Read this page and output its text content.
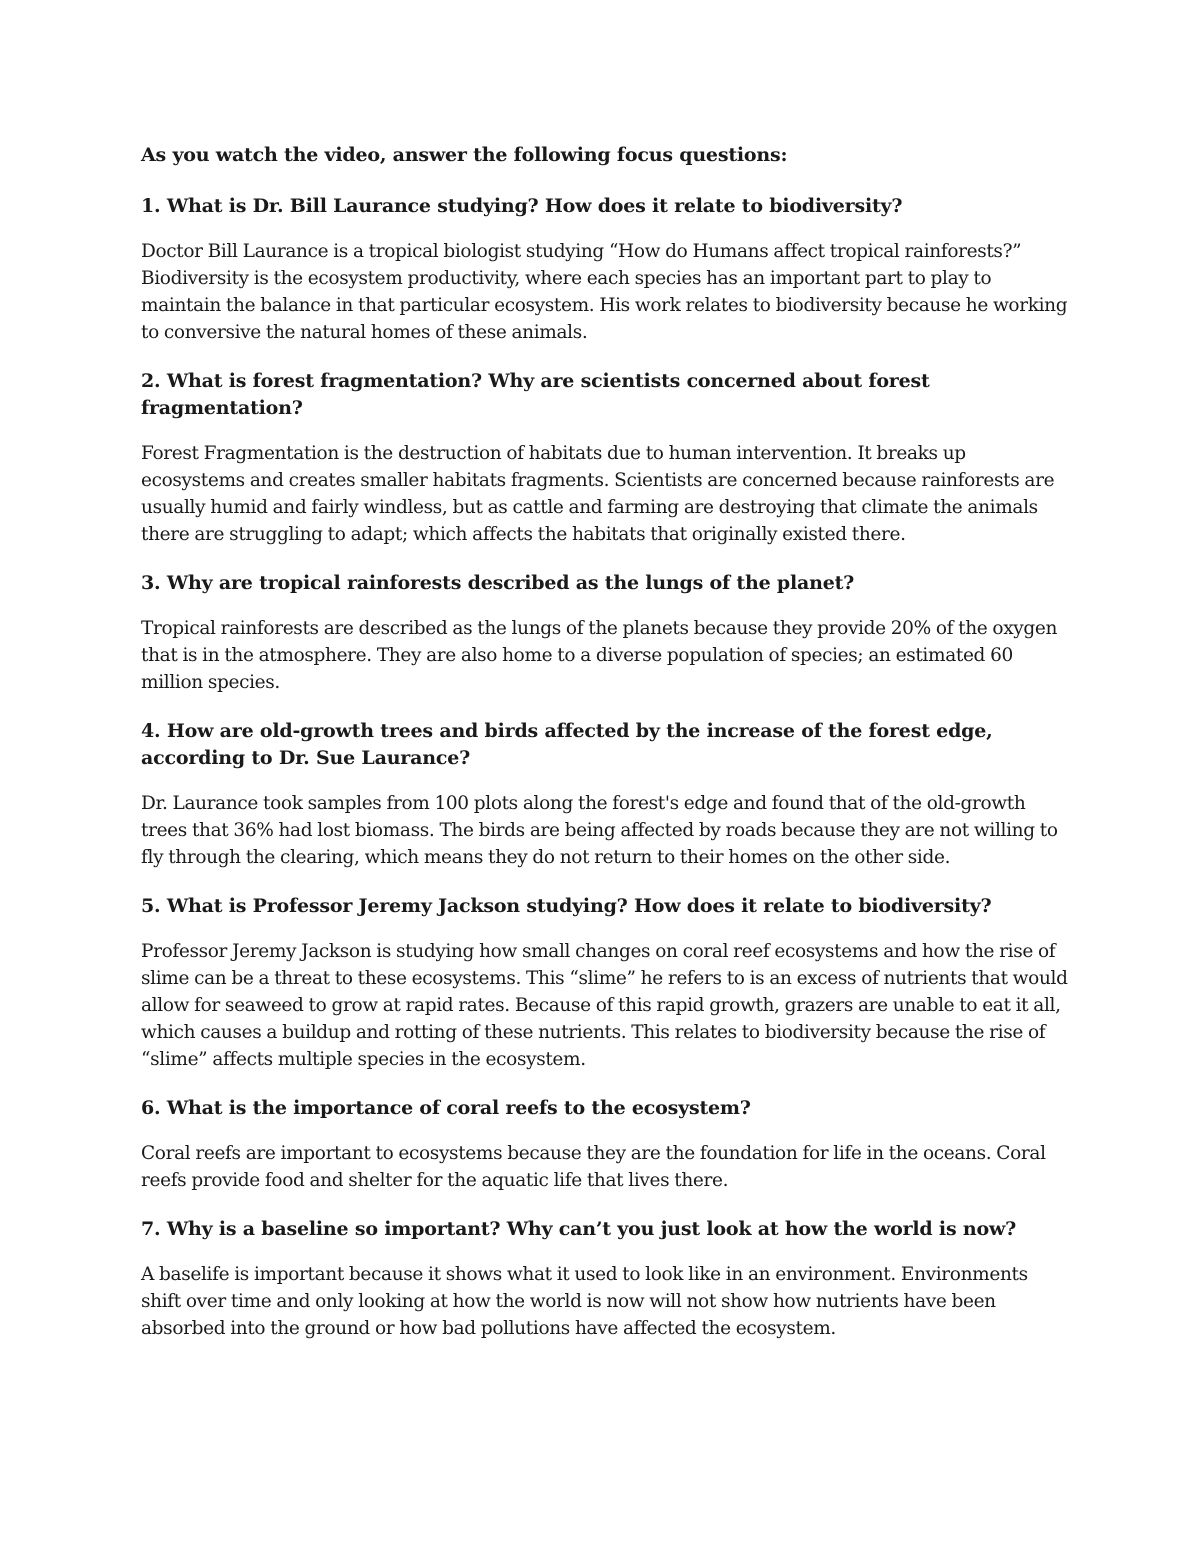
As you watch the video, answer the following focus questions:

1. What is Dr. Bill Laurance studying? How does it relate to biodiversity?

Doctor Bill Laurance is a tropical biologist studying “How do Humans affect tropical rainforests?” Biodiversity is the ecosystem productivity, where each species has an important part to play to maintain the balance in that particular ecosystem. His work relates to biodiversity because he working to conversive the natural homes of these animals.

2. What is forest fragmentation? Why are scientists concerned about forest fragmentation?

Forest Fragmentation is the destruction of habitats due to human intervention. It breaks up ecosystems and creates smaller habitats fragments. Scientists are concerned because rainforests are usually humid and fairly windless, but as cattle and farming are destroying that climate the animals there are struggling to adapt; which affects the habitats that originally existed there.

3. Why are tropical rainforests described as the lungs of the planet?

Tropical rainforests are described as the lungs of the planets because they provide 20% of the oxygen that is in the atmosphere. They are also home to a diverse population of species; an estimated 60 million species.

4. How are old-growth trees and birds affected by the increase of the forest edge, according to Dr. Sue Laurance?

Dr. Laurance took samples from 100 plots along the forest's edge and found that of the old-growth trees that 36% had lost biomass. The birds are being affected by roads because they are not willing to fly through the clearing, which means they do not return to their homes on the other side.

5. What is Professor Jeremy Jackson studying? How does it relate to biodiversity?

Professor Jeremy Jackson is studying how small changes on coral reef ecosystems and how the rise of slime can be a threat to these ecosystems. This “slime” he refers to is an excess of nutrients that would allow for seaweed to grow at rapid rates. Because of this rapid growth, grazers are unable to eat it all, which causes a buildup and rotting of these nutrients. This relates to biodiversity because the rise of “slime” affects multiple species in the ecosystem.

6. What is the importance of coral reefs to the ecosystem?

Coral reefs are important to ecosystems because they are the foundation for life in the oceans. Coral reefs provide food and shelter for the aquatic life that lives there.

7. Why is a baseline so important? Why can’t you just look at how the world is now?

A baselife is important because it shows what it used to look like in an environment. Environments shift over time and only looking at how the world is now will not show how nutrients have been absorbed into the ground or how bad pollutions have affected the ecosystem.
